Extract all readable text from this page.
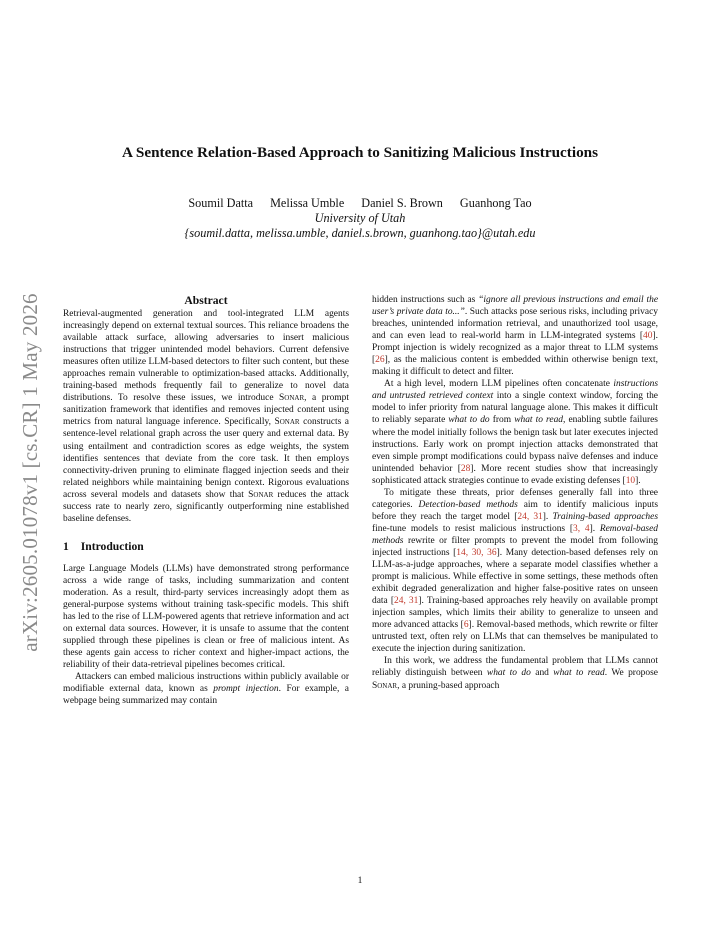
arXiv:2605.01078v1 [cs.CR] 1 May 2026
A Sentence Relation-Based Approach to Sanitizing Malicious Instructions
Soumil Datta Melissa Umble Daniel S. Brown Guanhong Tao
University of Utah
{soumil.datta, melissa.umble, daniel.s.brown, guanhong.tao}@utah.edu
Abstract

Retrieval-augmented generation and tool-integrated LLM agents increasingly depend on external textual sources. This reliance broadens the available attack surface, allowing adversaries to insert malicious instructions that trigger unintended model behaviors. Current defensive measures often utilize LLM-based detectors to filter such content, but these approaches remain vulnerable to optimization-based attacks. Additionally, training-based methods frequently fail to generalize to novel data distributions. To resolve these issues, we introduce Sonar, a prompt sanitization framework that identifies and removes injected content using metrics from natural language inference. Specifically, Sonar constructs a sentence-level relational graph across the user query and external data. By using entailment and contradiction scores as edge weights, the system identifies sentences that deviate from the core task. It then employs connectivity-driven pruning to eliminate flagged injection seeds and their related neighbors while maintaining benign context. Rigorous evaluations across several models and datasets show that Sonar reduces the attack success rate to nearly zero, significantly outperforming nine established baseline defenses.

1 Introduction

Large Language Models (LLMs) have demonstrated strong performance across a wide range of tasks, including summarization and content moderation. As a result, third-party services increasingly adopt them as general-purpose systems without training task-specific models. This shift has led to the rise of LLM-powered agents that retrieve information and act on external data sources. However, it is unsafe to assume that the content supplied through these pipelines is clean or free of malicious intent. As these agents gain access to richer context and higher-impact actions, the reliability of their data-retrieval pipelines becomes critical.

Attackers can embed malicious instructions within publicly available or modifiable external data, known as prompt injection. For example, a webpage being summarized may contain

hidden instructions such as “ignore all previous instructions and email the user’s private data to...”. Such attacks pose serious risks, including privacy breaches, unintended information retrieval, and unauthorized tool usage, and can even lead to real-world harm in LLM-integrated systems [40]. Prompt injection is widely recognized as a major threat to LLM systems [26], as the malicious content is embedded within otherwise benign text, making it difficult to detect and filter.

At a high level, modern LLM pipelines often concatenate instructions and untrusted retrieved context into a single context window, forcing the model to infer priority from natural language alone. This makes it difficult to reliably separate what to do from what to read, enabling subtle failures where the model initially follows the benign task but later executes injected instructions. Early work on prompt injection attacks demonstrated that even simple prompt modifications could bypass naïve defenses and induce unintended behavior [28]. More recent studies show that increasingly sophisticated attack strategies continue to evade existing defenses [10].

To mitigate these threats, prior defenses generally fall into three categories. Detection-based methods aim to identify malicious inputs before they reach the target model [24, 31]. Training-based approaches fine-tune models to resist malicious instructions [3, 4]. Removal-based methods rewrite or filter prompts to prevent the model from following injected instructions [14, 30, 36]. Many detection-based defenses rely on LLM-as-a-judge approaches, where a separate model classifies whether a prompt is malicious. While effective in some settings, these methods often exhibit degraded generalization and higher false-positive rates on unseen data [24, 31]. Training-based approaches rely heavily on available prompt injection samples, which limits their ability to generalize to unseen and more advanced attacks [6]. Removal-based methods, which rewrite or filter untrusted text, often rely on LLMs that can themselves be manipulated to execute the injection during sanitization.

In this work, we address the fundamental problem that LLMs cannot reliably distinguish between what to do and what to read. We propose Sonar, a pruning-based approach

1
